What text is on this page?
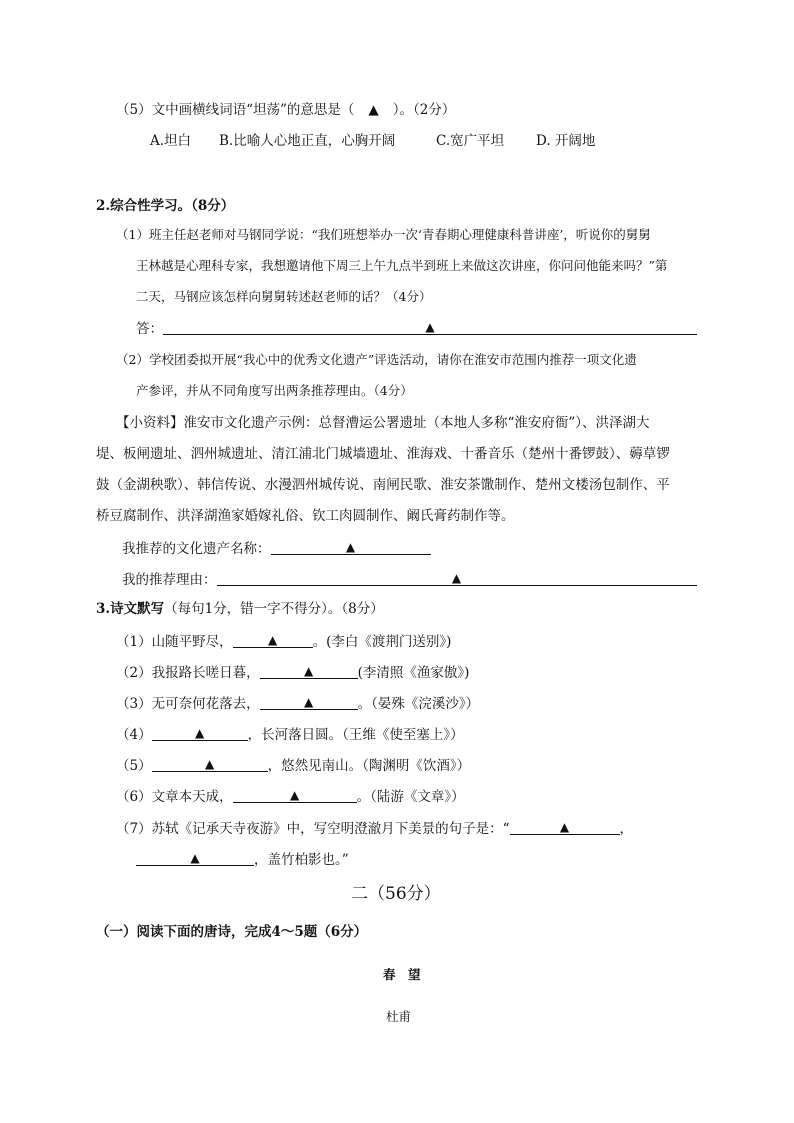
（5）文中画横线词语“坦荡”的意思是（ ▲ ）。（2分）
A.坦白 B.比喻人心地正直，心胸开阔	C.宽广平坦 D. 开阔地
2.综合性学习。（8分）
（1）班主任赵老师对马钢同学说：“我们班想举办一次‘青春期心理健康科普讲座’，听说你的舅舅
王林越是心理科专家，我想邀请他下周三上午九点半到班上来做这次讲座，你问问他能来吗？”第
二天，马钢应该怎样向舅舅转述赵老师的话？（4分）
答：	▲
（2）学校团委拟开展“我心中的优秀文化遗产”评选活动，请你在淮安市范围内推荐一项文化遗
产参评，并从不同角度写出两条推荐理由。（4分）
【小资料】淮安市文化遗产示例：总督漕运公署遗址（本地人多称“淮安府衙”）、洪泽湖大
堤、板闸遗址、泗州城遗址、清江浦北门城墙遗址、淮海戏、十番音乐（楚州十番锣鼓）、薅草锣
鼓（金湖秧歌）、韩信传说、水漫泗州城传说、南闸民歌、淮安茶馓制作、楚州文楼汤包制作、平
桥豆腐制作、洪泽湖渔家婚嫁礼俗、钦工肉圆制作、阚氏膏药制作等。
我推荐的文化遗产名称：	▲
我的推荐理由：	▲
3.诗文默写（每句1分，错一字不得分）。（8分）
（1）山随平野尽，	▲	。(李白《渡荆门送别》)
（2）我报路长嗟日暮，	▲	(李清照《渔家傲》)
（3）无可奈何花落去，	▲	。（晏殊《浣溪沙》）
（4）	▲	，长河落日圆。（王维《使至塞上》）
（5）	▲	，悠然见南山。（陶渊明《饮酒》）
（6）文章本天成，	▲	。（陆游《文章》）
（7）苏轼《记承天寺夜游》中，写空明澄澈月下美景的句子是：“	▲	，
▲	，盖竹柏影也。”
二（56分）
（一）阅读下面的唐诗，完成4～5题（6分）
春　望
杜甫
